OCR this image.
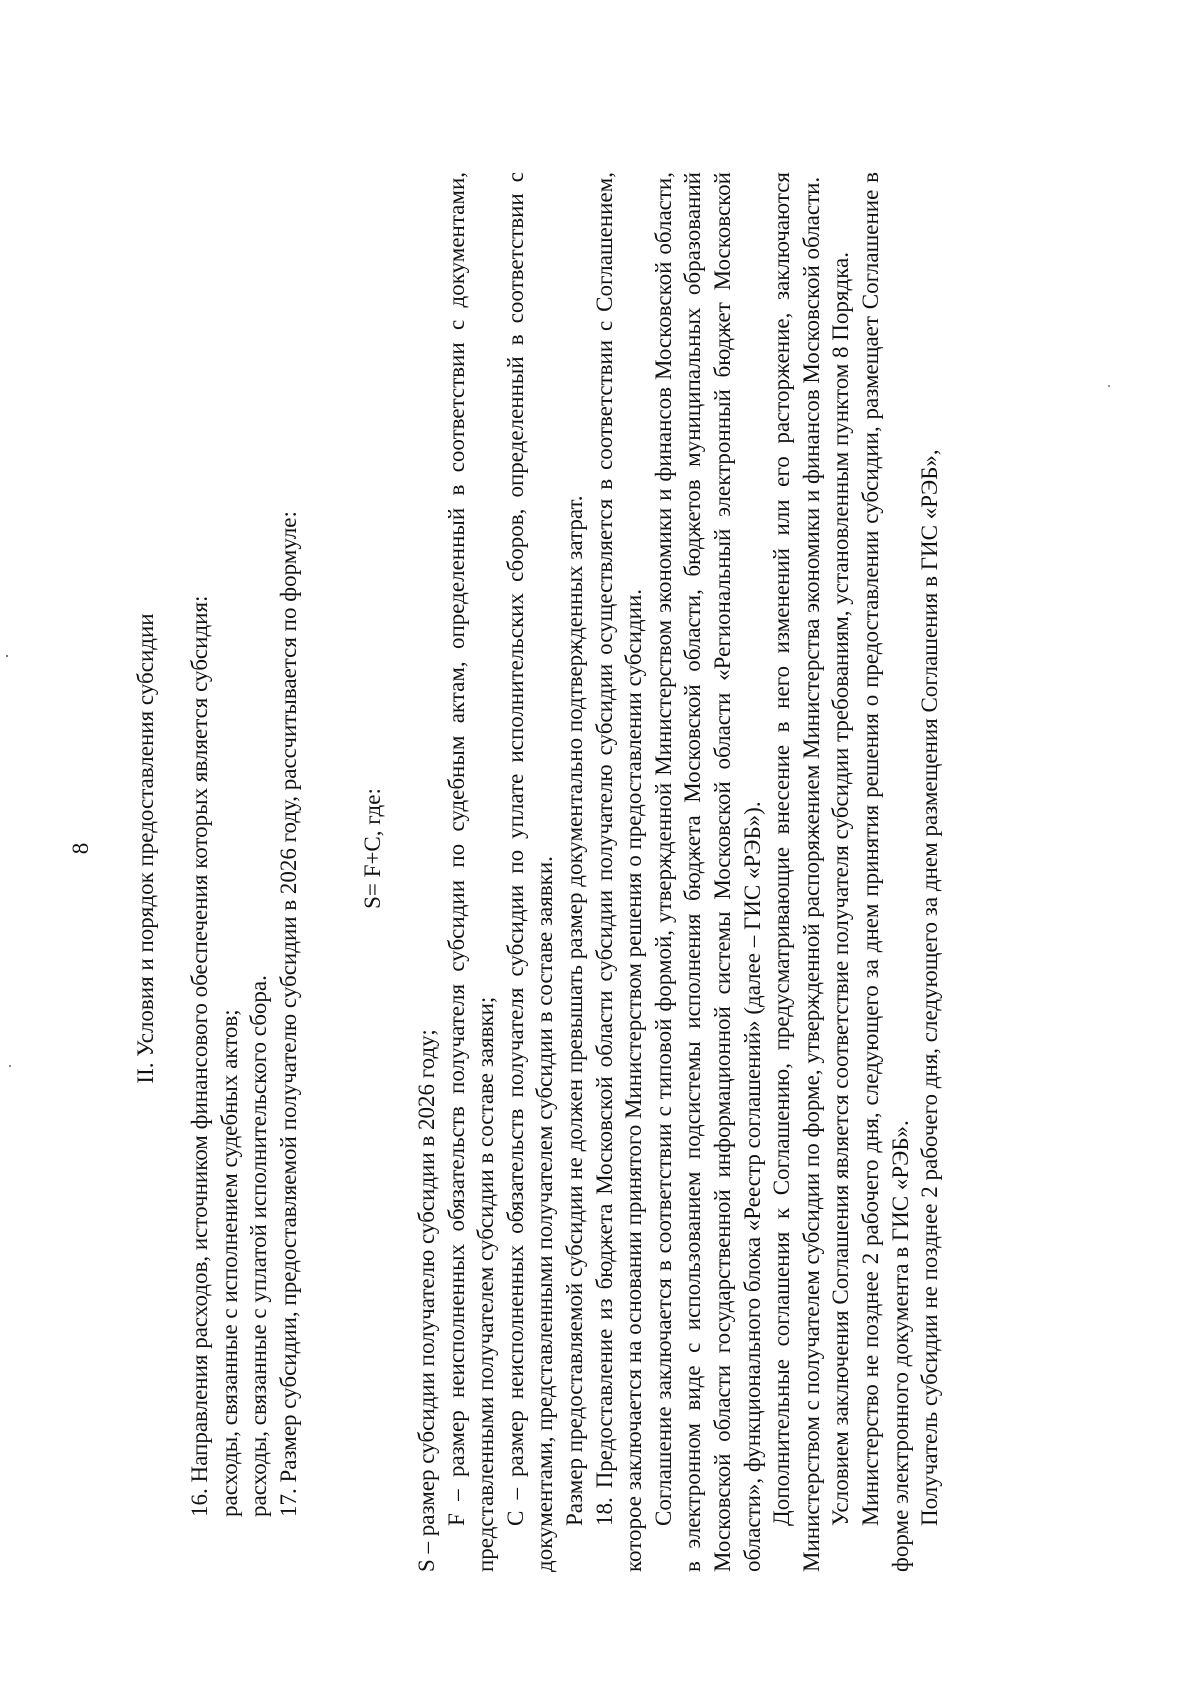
8 II. Условия и порядок предоставления субсидии 16. Направления расходов, источником финансового обеспечения которых является субсидия: расходы, связанные с исполнением судебных актов; расходы, связанные с уплатой исполнительского сбора. 17. Размер субсидии, предоставляемой получателю субсидии в 2026 году, рассчитывается по формуле:	S= F+C, где:

S – размер субсидии получателю субсидии в 2026 году; F – размер неисполненных обязательств получателя субсидии по судебным актам, определенный в соответствии с документами, представленными получателем субсидии в составе заявки; C – размер неисполненных обязательств получателя субсидии по уплате исполнительских сборов, определенный в соответствии с документами, представленными получателем субсидии в составе заявки. Размер предоставляемой субсидии не должен превышать размер документально подтвержденных затрат. 18. Предоставление из бюджета Московской области субсидии получателю субсидии осуществляется в соответствии с Соглашением, которое заключается на основании принятого Министерством решения о предоставлении субсидии. Соглашение заключается в соответствии с типовой формой, утвержденной Министерством экономики и финансов Московской области, в электронном виде с использованием подсистемы исполнения бюджета Московской области, бюджетов муниципальных образований Московской области государственной информационной системы Московской области «Региональный электронный бюджет Московской области», функционального блока «Реестр соглашений» (далее – ГИС «РЭБ»). Дополнительные соглашения к Соглашению, предусматривающие внесение в него изменений или его расторжение, заключаются Министерством с получателем субсидии по форме, утвержденной распоряжением Министерства экономики и финансов Московской области. Условием заключения Соглашения является соответствие получателя субсидии требованиям, установленным пунктом 8 Порядка. Министерство не позднее 2 рабочего дня, следующего за днем принятия решения о предоставлении субсидии, размещает Соглашение в форме электронного документа в ГИС «РЭБ». Получатель субсидии не позднее 2 рабочего дня, следующего за днем размещения Соглашения в ГИС «РЭБ»,
